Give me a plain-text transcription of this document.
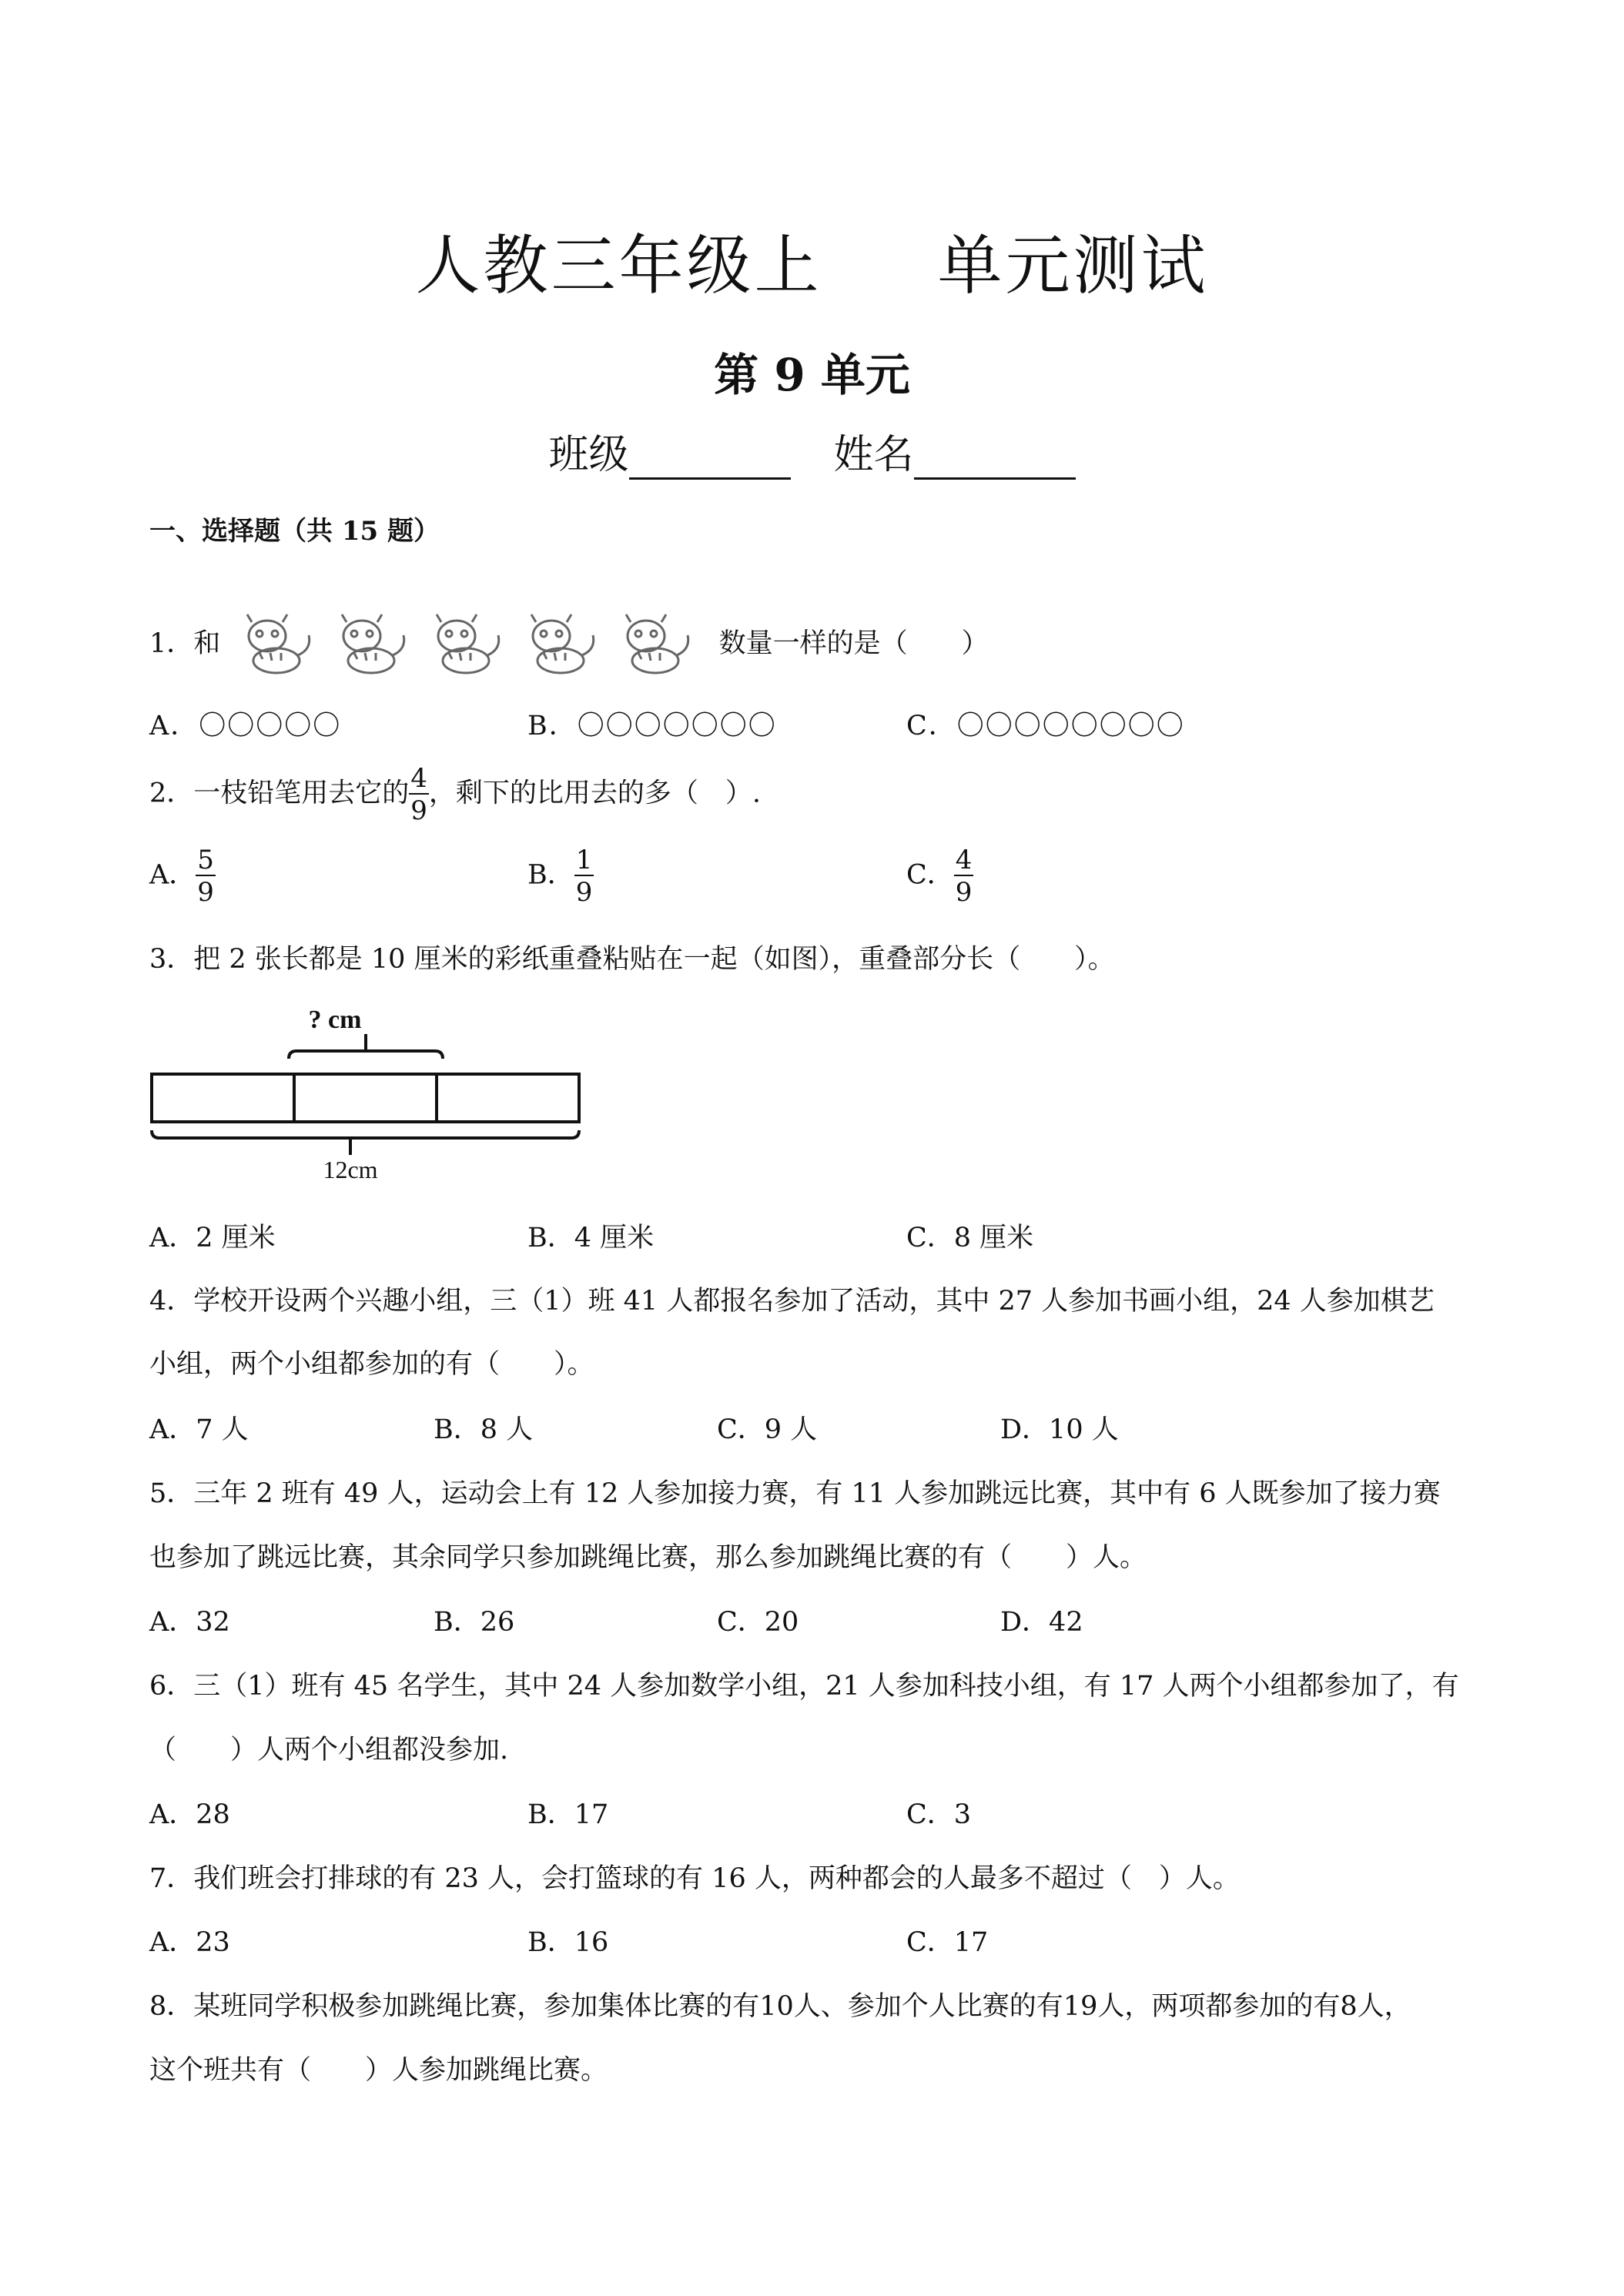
人教三年级上 单元测试
第 9 单元
班级	姓名
一、选择题（共 15 题）
1．和	数量一样的是（　　）
A．〇〇〇〇〇	B．〇〇〇〇〇〇〇	C．〇〇〇〇〇〇〇〇
2．一枝铅笔用去它的 $\frac{4}{9}$ ，剩下的比用去的多（　）.
A． $\frac{5}{9}$	B． $\frac{1}{9}$	C． $\frac{4}{9}$
3．把 2 张长都是 10 厘米的彩纸重叠粘贴在一起（如图），重叠部分长（　　）。
? cm
12cm
A．2 厘米	B．4 厘米	C．8 厘米
4．学校开设两个兴趣小组，三（1）班 41 人都报名参加了活动，其中 27 人参加书画小组，24 人参加棋艺
小组，两个小组都参加的有（　　）。
A．7 人	B．8 人	C．9 人	D．10 人
5．三年 2 班有 49 人，运动会上有 12 人参加接力赛，有 11 人参加跳远比赛，其中有 6 人既参加了接力赛
也参加了跳远比赛，其余同学只参加跳绳比赛，那么参加跳绳比赛的有（　　）人。
A．32	B．26	C．20	D．42
6．三（1）班有 45 名学生，其中 24 人参加数学小组，21 人参加科技小组，有 17 人两个小组都参加了，有
（　　）人两个小组都没参加.
A．28	B．17	C．3
7．我们班会打排球的有 23 人，会打篮球的有 16 人，两种都会的人最多不超过（　）人。
A．23	B．16	C．17
8．某班同学积极参加跳绳比赛，参加集体比赛的有10人、参加个人比赛的有19人，两项都参加的有8人，
这个班共有（　　）人参加跳绳比赛。
